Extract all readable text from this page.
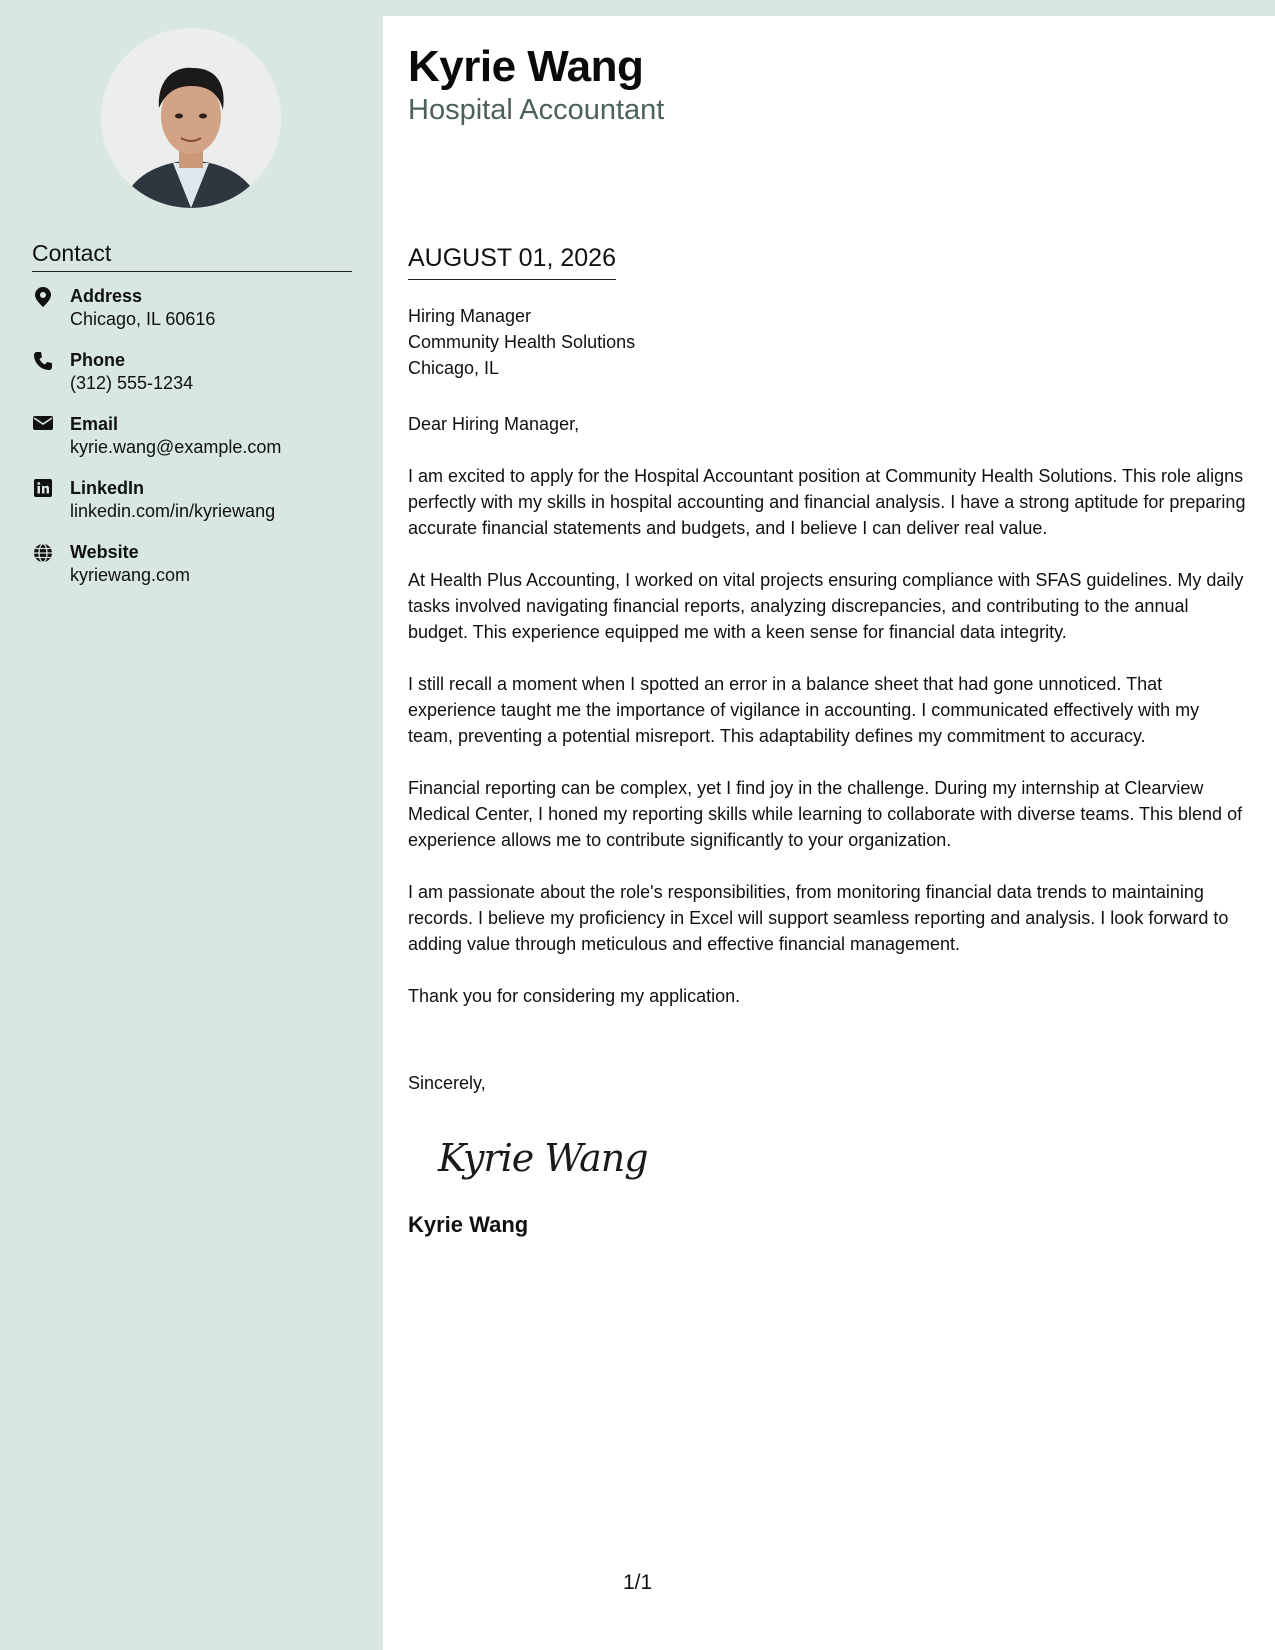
Contact
Address
Chicago, IL 60616
Phone
(312) 555-1234
Email
kyrie.wang@example.com
LinkedIn
linkedin.com/in/kyriewang
Website
kyriewang.com
Kyrie Wang
Hospital Accountant
AUGUST 01, 2026
Hiring Manager
Community Health Solutions
Chicago, IL

Dear Hiring Manager,

I am excited to apply for the Hospital Accountant position at Community Health Solutions. This role aligns perfectly with my skills in hospital accounting and financial analysis. I have a strong aptitude for preparing accurate financial statements and budgets, and I believe I can deliver real value.

At Health Plus Accounting, I worked on vital projects ensuring compliance with SFAS guidelines. My daily tasks involved navigating financial reports, analyzing discrepancies, and contributing to the annual budget. This experience equipped me with a keen sense for financial data integrity.

I still recall a moment when I spotted an error in a balance sheet that had gone unnoticed. That experience taught me the importance of vigilance in accounting. I communicated effectively with my team, preventing a potential misreport. This adaptability defines my commitment to accuracy.

Financial reporting can be complex, yet I find joy in the challenge. During my internship at Clearview Medical Center, I honed my reporting skills while learning to collaborate with diverse teams. This blend of experience allows me to contribute significantly to your organization.

I am passionate about the role's responsibilities, from monitoring financial data trends to maintaining records. I believe my proficiency in Excel will support seamless reporting and analysis. I look forward to adding value through meticulous and effective financial management.

Thank you for considering my application.

Sincerely,
Kyrie Wang
Kyrie Wang
1/1
